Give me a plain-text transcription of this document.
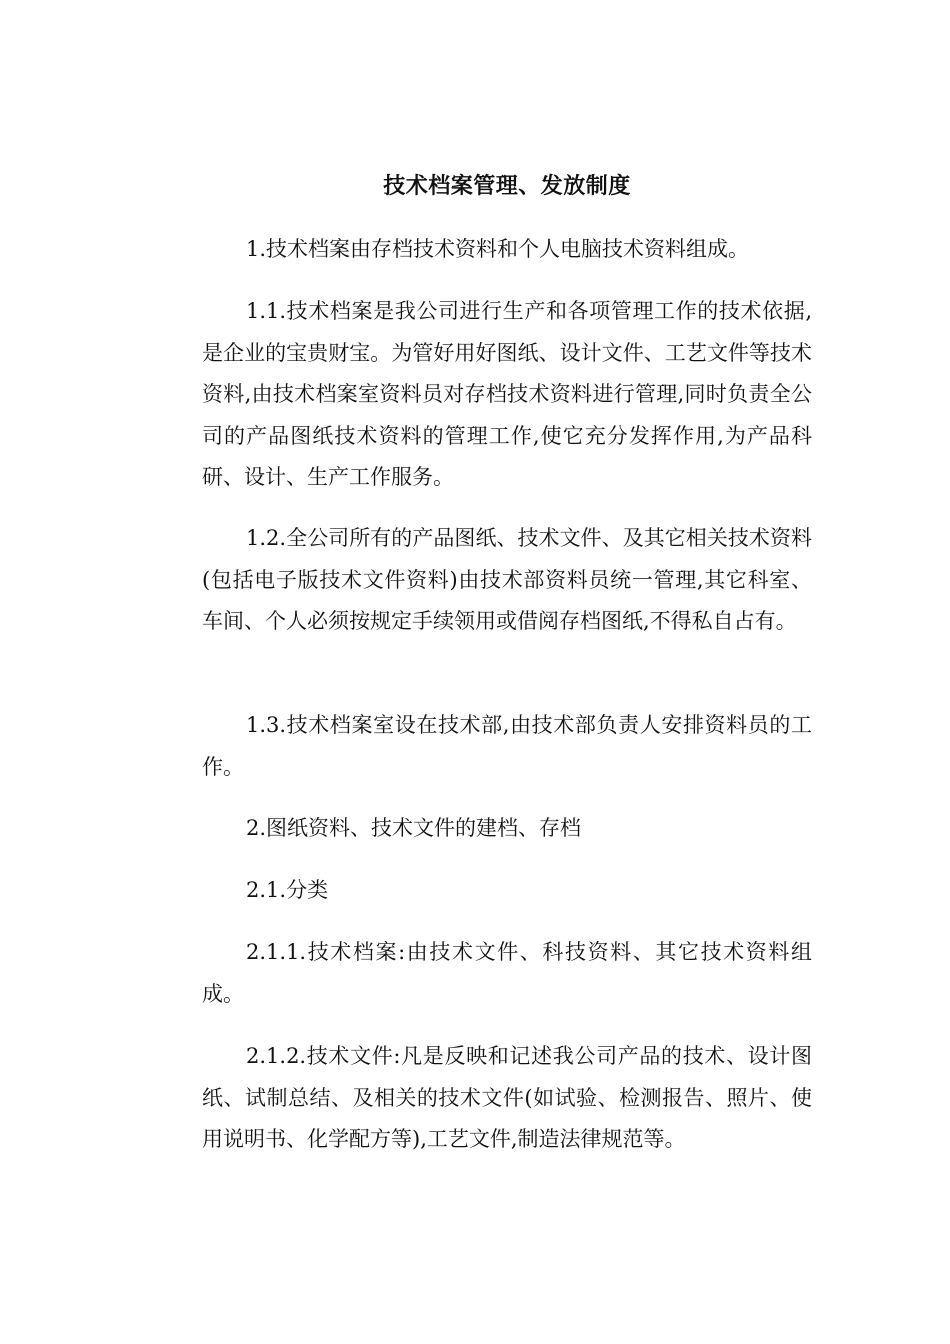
技术档案管理、发放制度

1.技术档案由存档技术资料和个人电脑技术资料组成。

1.1.技术档案是我公司进行生产和各项管理工作的技术依据,是企业的宝贵财宝。为管好用好图纸、设计文件、工艺文件等技术资料,由技术档案室资料员对存档技术资料进行管理,同时负责全公司的产品图纸技术资料的管理工作,使它充分发挥作用,为产品科研、设计、生产工作服务。

1.2.全公司所有的产品图纸、技术文件、及其它相关技术资料(包括电子版技术文件资料)由技术部资料员统一管理,其它科室、车间、个人必须按规定手续领用或借阅存档图纸,不得私自占有。

1.3.技术档案室设在技术部,由技术部负责人安排资料员的工作。

2.图纸资料、技术文件的建档、存档

2.1.分类

2.1.1.技术档案:由技术文件、科技资料、其它技术资料组成。

2.1.2.技术文件:凡是反映和记述我公司产品的技术、设计图纸、试制总结、及相关的技术文件(如试验、检测报告、照片、使用说明书、化学配方等),工艺文件,制造法律规范等。
